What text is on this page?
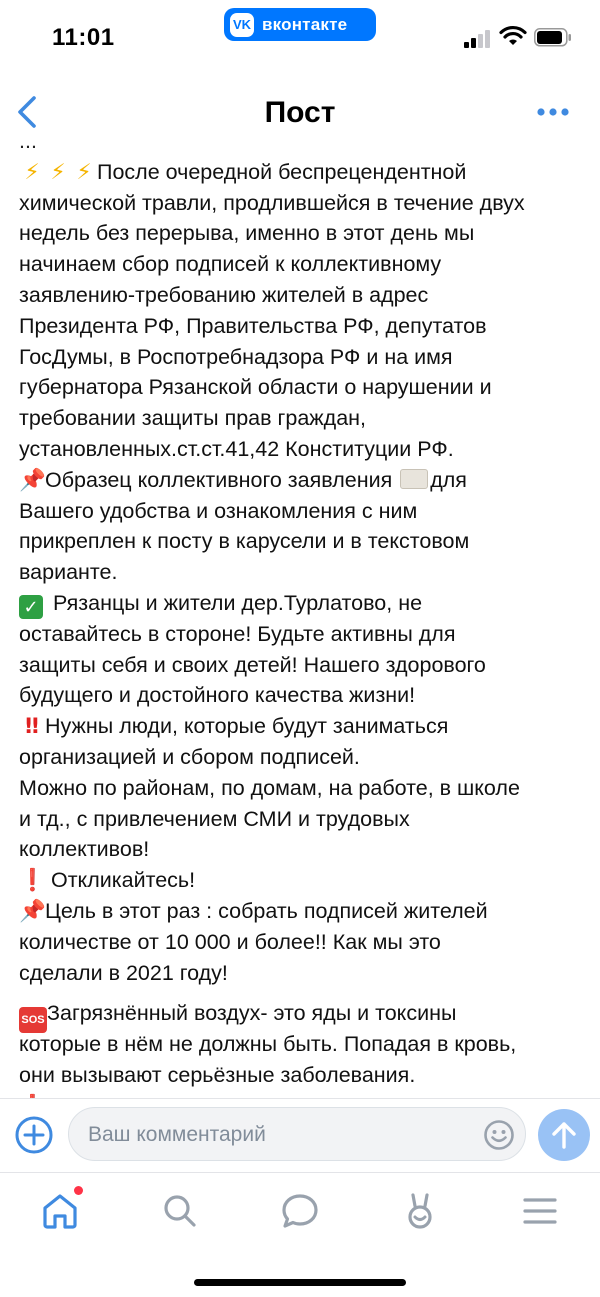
11:01	VK вконтакте
Пост
...
⚡ ⚡ ⚡ После очередной беспрецендентной
химической травли, продлившейся в течение двух
недель без перерыва, именно в этот день мы
начинаем сбор подписей к коллективному
заявлению-требованию жителей в адрес
Президента РФ, Правительства РФ, депутатов
ГосДумы, в Роспотребнадзора РФ и на имя
губернатора Рязанской области о нарушении и
требовании защиты прав граждан,
установленных.ст.ст.41,42 Конституции РФ.
📌Образец коллективного заявления для
Вашего удобства и ознакомления с ним
прикреплен к посту в карусели и в текстовом
варианте.
✓ Рязанцы и жители дер.Турлатово, не
оставайтесь в стороне! Будьте активны для
защиты себя и своих детей! Нашего здорового
будущего и достойного качества жизни!
‼ Нужны люди, которые будут заниматься
организацией и сбором подписей.
Можно по районам, по домам, на работе, в школе
и тд., с привлечением СМИ и трудовых
коллективов!
❗ Откликайтесь!
📌Цель в этот раз : собрать подписей жителей
количестве от 10 000 и более!! Как мы это
сделали в 2021 году!
SOS Загрязнённый воздух- это яды и токсины
которые в нём не должны быть. Попадая в кровь,
они вызывают серьёзные заболевания.
Ваш комментарий
